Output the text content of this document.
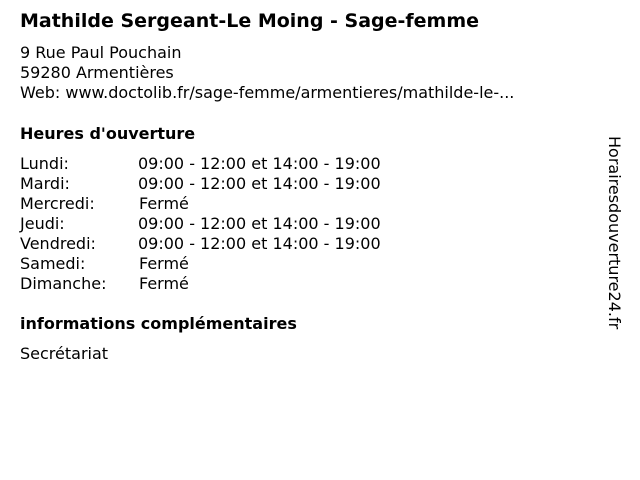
Mathilde Sergeant-Le Moing - Sage-femme
9 Rue Paul Pouchain
59280 Armentières
Web: www.doctolib.fr/sage-femme/armentieres/mathilde-le-...
Heures d'ouverture
Lundi:	09:00 - 12:00 et 14:00 - 19:00
Mardi:	09:00 - 12:00 et 14:00 - 19:00
Mercredi:	Fermé
Jeudi:	09:00 - 12:00 et 14:00 - 19:00
Vendredi:	09:00 - 12:00 et 14:00 - 19:00
Samedi:	Fermé
Dimanche: Fermé
informations complémentaires
Secrétariat
Horairesdouverture24.fr
